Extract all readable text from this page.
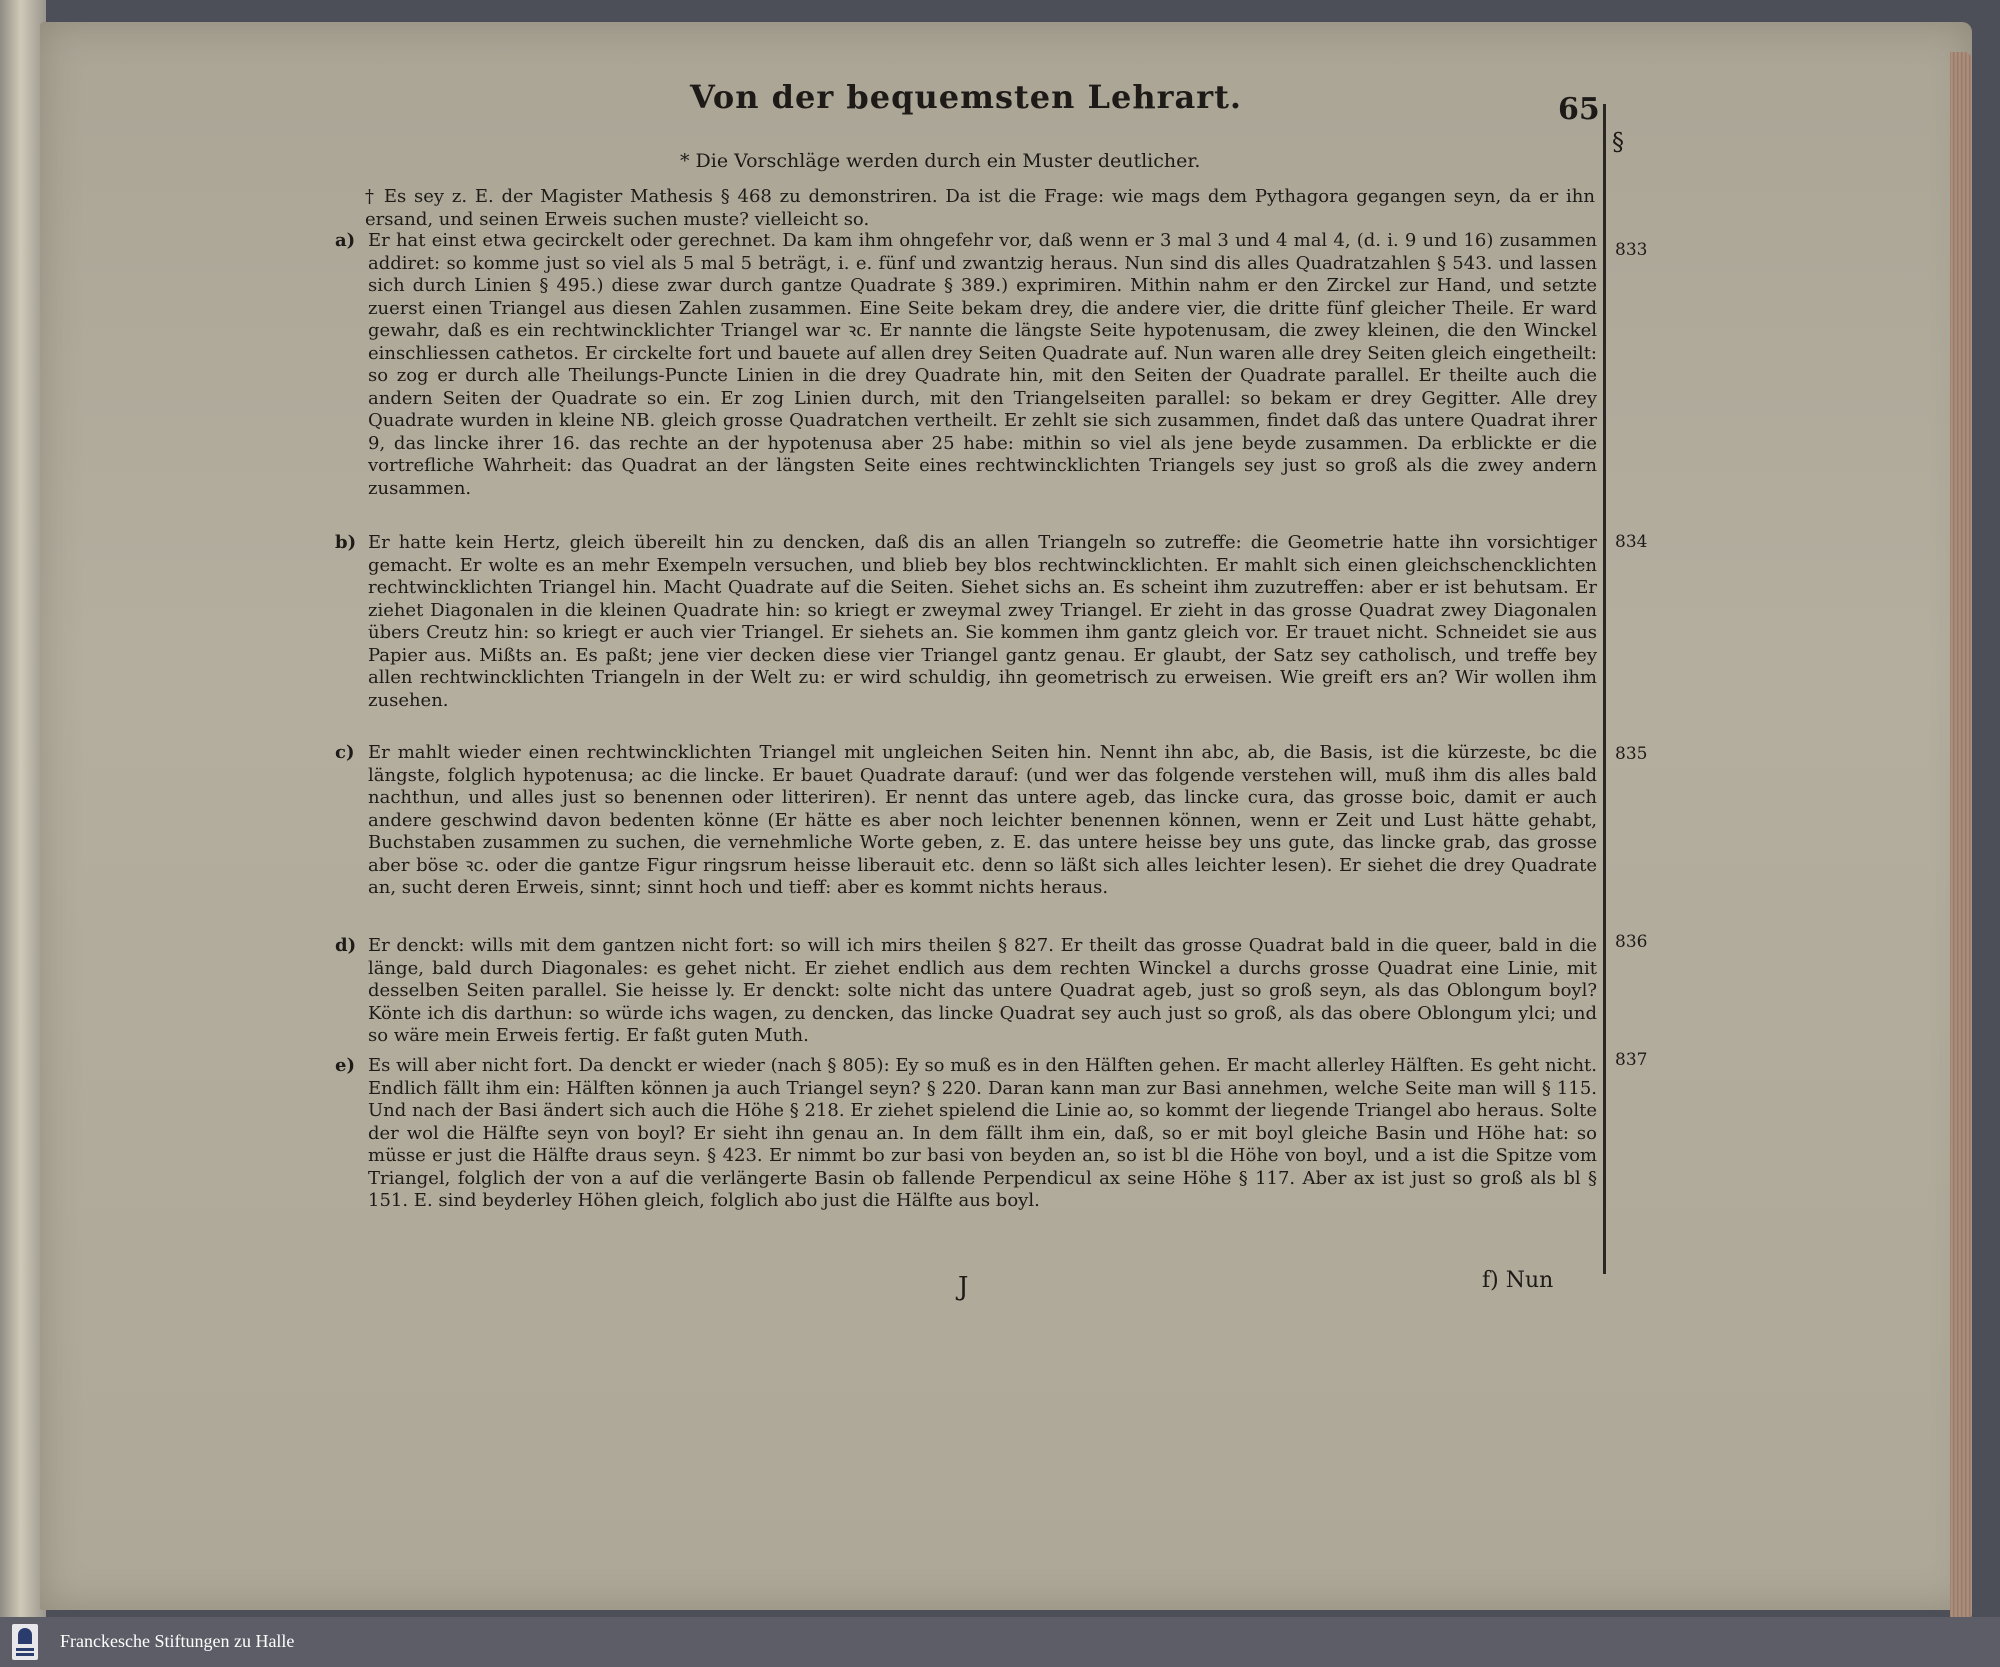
Von der bequemsten Lehrart.	65
§
* Die Vorschläge werden durch ein Muster deutlicher.
† Es sey z. E. der Magister Mathesis § 468 zu demonstriren. Da ist die Frage: wie mags dem Pythagora gegangen seyn, da er ihn ersand, und seinen Erweis suchen muste? vielleicht so.
a) Er hat einst etwa gecirckelt oder gerechnet. Da kam ihm ohngefehr vor, daß wenn er 3 mal 3 und 4 mal 4, (d. i. 9 und 16) zusammen addiret: so komme just so viel als 5 mal 5 beträgt, i. e. fünf und zwantzig heraus. Nun sind dis alles Quadratzahlen § 543. und lassen sich durch Linien § 495.) diese zwar durch gantze Quadrate § 389.) exprimiren. Mithin nahm er den Zirckel zur Hand, und setzte zuerst einen Triangel aus diesen Zahlen zusammen. Eine Seite bekam drey, die andere vier, die dritte fünf gleicher Theile. Er ward gewahr, daß es ein rechtwincklichter Triangel war ꝛc. Er nannte die längste Seite hypotenusam, die zwey kleinen, die den Winckel einschliessen cathetos. Er circkelte fort und bauete auf allen drey Seiten Quadrate auf. Nun waren alle drey Seiten gleich eingetheilt: so zog er durch alle Theilungs-Puncte Linien in die drey Quadrate hin, mit den Seiten der Quadrate parallel. Er theilte auch die andern Seiten der Quadrate so ein. Er zog Linien durch, mit den Triangelseiten parallel: so bekam er drey Gegitter. Alle drey Quadrate wurden in kleine NB. gleich grosse Quadratchen vertheilt. Er zehlt sie sich zusammen, findet daß das untere Quadrat ihrer 9, das lincke ihrer 16. das rechte an der hypotenusa aber 25 habe: mithin so viel als jene beyde zusammen. Da erblickte er die vortrefliche Wahrheit: das Quadrat an der längsten Seite eines rechtwincklichten Triangels sey just so groß als die zwey andern zusammen.
833
b) Er hatte kein Hertz, gleich übereilt hin zu dencken, daß dis an allen Triangeln so zutreffe: die Geometrie hatte ihn vorsichtiger gemacht. Er wolte es an mehr Exempeln versuchen, und blieb bey blos rechtwincklichten. Er mahlt sich einen gleichschencklichten rechtwincklichten Triangel hin. Macht Quadrate auf die Seiten. Siehet sichs an. Es scheint ihm zuzutreffen: aber er ist behutsam. Er ziehet Diagonalen in die kleinen Quadrate hin: so kriegt er zweymal zwey Triangel. Er zieht in das grosse Quadrat zwey Diagonalen übers Creutz hin: so kriegt er auch vier Triangel. Er siehets an. Sie kommen ihm gantz gleich vor. Er trauet nicht. Schneidet sie aus Papier aus. Mißts an. Es paßt; jene vier decken diese vier Triangel gantz genau. Er glaubt, der Satz sey catholisch, und treffe bey allen rechtwincklichten Triangeln in der Welt zu: er wird schuldig, ihn geometrisch zu erweisen. Wie greift ers an? Wir wollen ihm zusehen.
834
c) Er mahlt wieder einen rechtwincklichten Triangel mit ungleichen Seiten hin. Nennt ihn abc, ab, die Basis, ist die kürzeste, bc die längste, folglich hypotenusa; ac die lincke. Er bauet Quadrate darauf: (und wer das folgende verstehen will, muß ihm dis alles bald nachthun, und alles just so benennen oder litteriren). Er nennt das untere ageb, das lincke cura, das grosse boic, damit er auch andere geschwind davon bedenten könne (Er hätte es aber noch leichter benennen können, wenn er Zeit und Lust hätte gehabt, Buchstaben zusammen zu suchen, die vernehmliche Worte geben, z. E. das untere heisse bey uns gute, das lincke grab, das grosse aber böse ꝛc. oder die gantze Figur ringsrum heisse liberauit etc. denn so läßt sich alles leichter lesen). Er siehet die drey Quadrate an, sucht deren Erweis, sinnt; sinnt hoch und tieff: aber es kommt nichts heraus.
835
d) Er denckt: wills mit dem gantzen nicht fort: so will ich mirs theilen § 827. Er theilt das grosse Quadrat bald in die queer, bald in die länge, bald durch Diagonales: es gehet nicht. Er ziehet endlich aus dem rechten Winckel a durchs grosse Quadrat eine Linie, mit desselben Seiten parallel. Sie heisse ly. Er denckt: solte nicht das untere Quadrat ageb, just so groß seyn, als das Oblongum boyl? Könte ich dis darthun: so würde ichs wagen, zu dencken, das lincke Quadrat sey auch just so groß, als das obere Oblongum ylci; und so wäre mein Erweis fertig. Er faßt guten Muth.
836
e) Es will aber nicht fort. Da denckt er wieder (nach § 805): Ey so muß es in den Hälften gehen. Er macht allerley Hälften. Es geht nicht. Endlich fällt ihm ein: Hälften können ja auch Triangel seyn? § 220. Daran kann man zur Basi annehmen, welche Seite man will § 115. Und nach der Basi ändert sich auch die Höhe § 218. Er ziehet spielend die Linie ao, so kommt der liegende Triangel abo heraus. Solte der wol die Hälfte seyn von boyl? Er sieht ihn genau an. In dem fällt ihm ein, daß, so er mit boyl gleiche Basin und Höhe hat: so müsse er just die Hälfte draus seyn. § 423. Er nimmt bo zur basi von beyden an, so ist bl die Höhe von boyl, und a ist die Spitze vom Triangel, folglich der von a auf die verlängerte Basin ob fallende Perpendicul ax seine Höhe § 117. Aber ax ist just so groß als bl § 151. E. sind beyderley Höhen gleich, folglich abo just die Hälfte aus boyl.
837
J	f) Nun
Franckesche Stiftungen zu Halle
